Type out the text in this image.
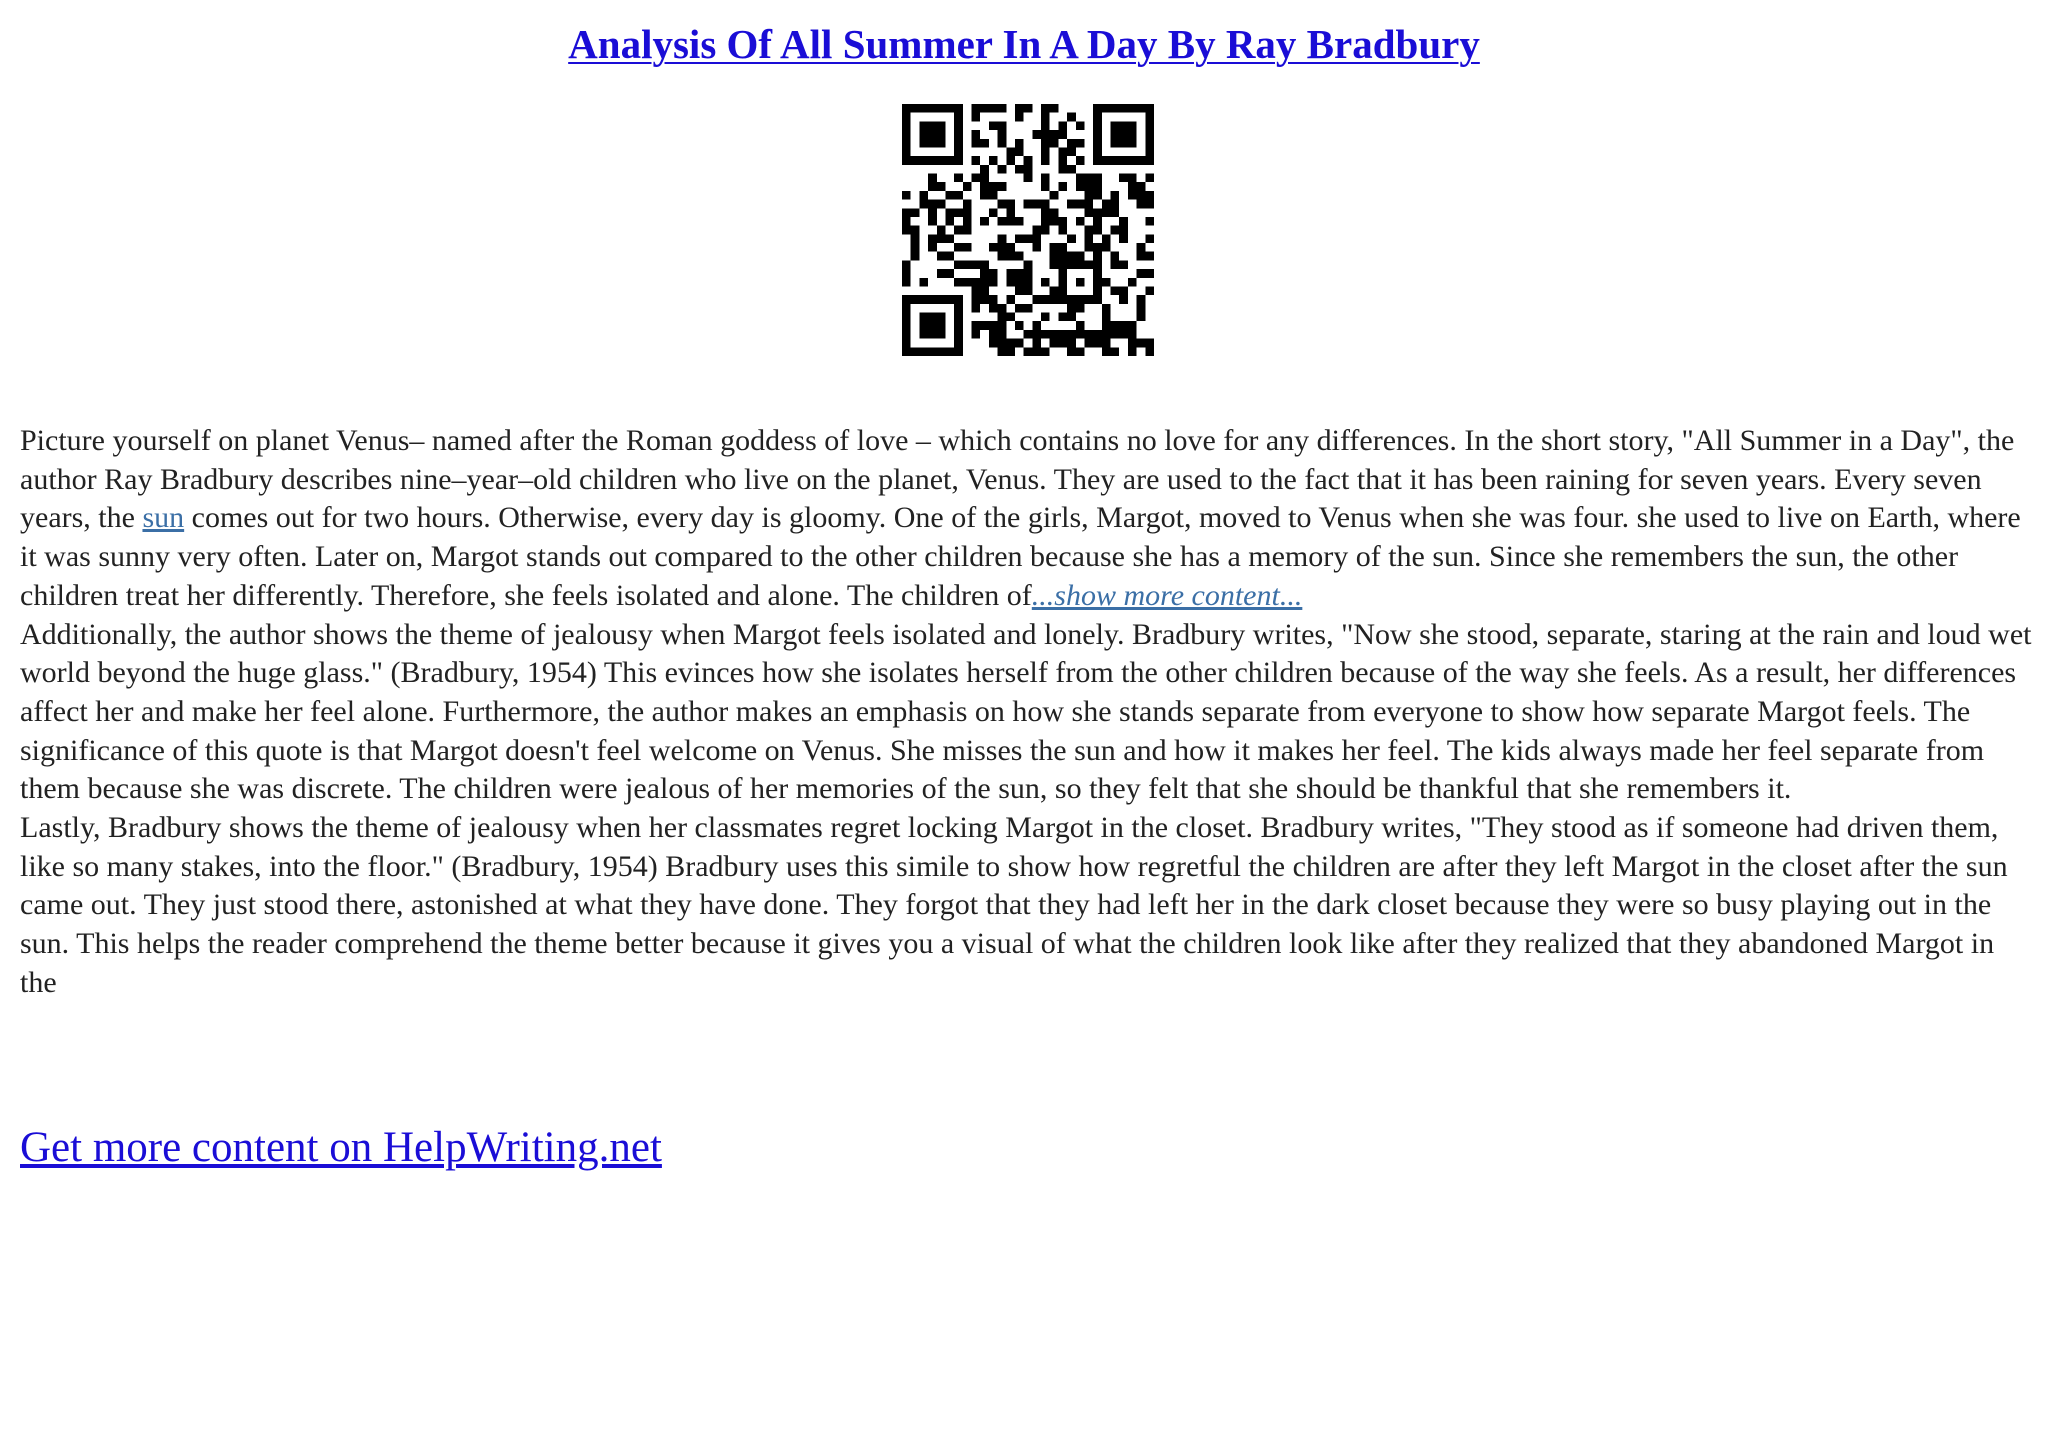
Analysis Of All Summer In A Day By Ray Bradbury

Picture yourself on planet Venus– named after the Roman goddess of love – which contains no love for any differences. In the short story, "All Summer in a Day", the author Ray Bradbury describes nine–year–old children who live on the planet, Venus. They are used to the fact that it has been raining for seven years. Every seven years, the sun comes out for two hours. Otherwise, every day is gloomy. One of the girls, Margot, moved to Venus when she was four. she used to live on Earth, where it was sunny very often. Later on, Margot stands out compared to the other children because she has a memory of the sun. Since she remembers the sun, the other children treat her differently. Therefore, she feels isolated and alone. The children of...show more content...

Additionally, the author shows the theme of jealousy when Margot feels isolated and lonely. Bradbury writes, "Now she stood, separate, staring at the rain and loud wet world beyond the huge glass." (Bradbury, 1954) This evinces how she isolates herself from the other children because of the way she feels. As a result, her differences affect her and make her feel alone. Furthermore, the author makes an emphasis on how she stands separate from everyone to show how separate Margot feels. The significance of this quote is that Margot doesn't feel welcome on Venus. She misses the sun and how it makes her feel. The kids always made her feel separate from them because she was discrete. The children were jealous of her memories of the sun, so they felt that she should be thankful that she remembers it.

Lastly, Bradbury shows the theme of jealousy when her classmates regret locking Margot in the closet. Bradbury writes, "They stood as if someone had driven them, like so many stakes, into the floor." (Bradbury, 1954) Bradbury uses this simile to show how regretful the children are after they left Margot in the closet after the sun came out. They just stood there, astonished at what they have done. They forgot that they had left her in the dark closet because they were so busy playing out in the sun. This helps the reader comprehend the theme better because it gives you a visual of what the children look like after they realized that they abandoned Margot in the

Get more content on HelpWriting.net
